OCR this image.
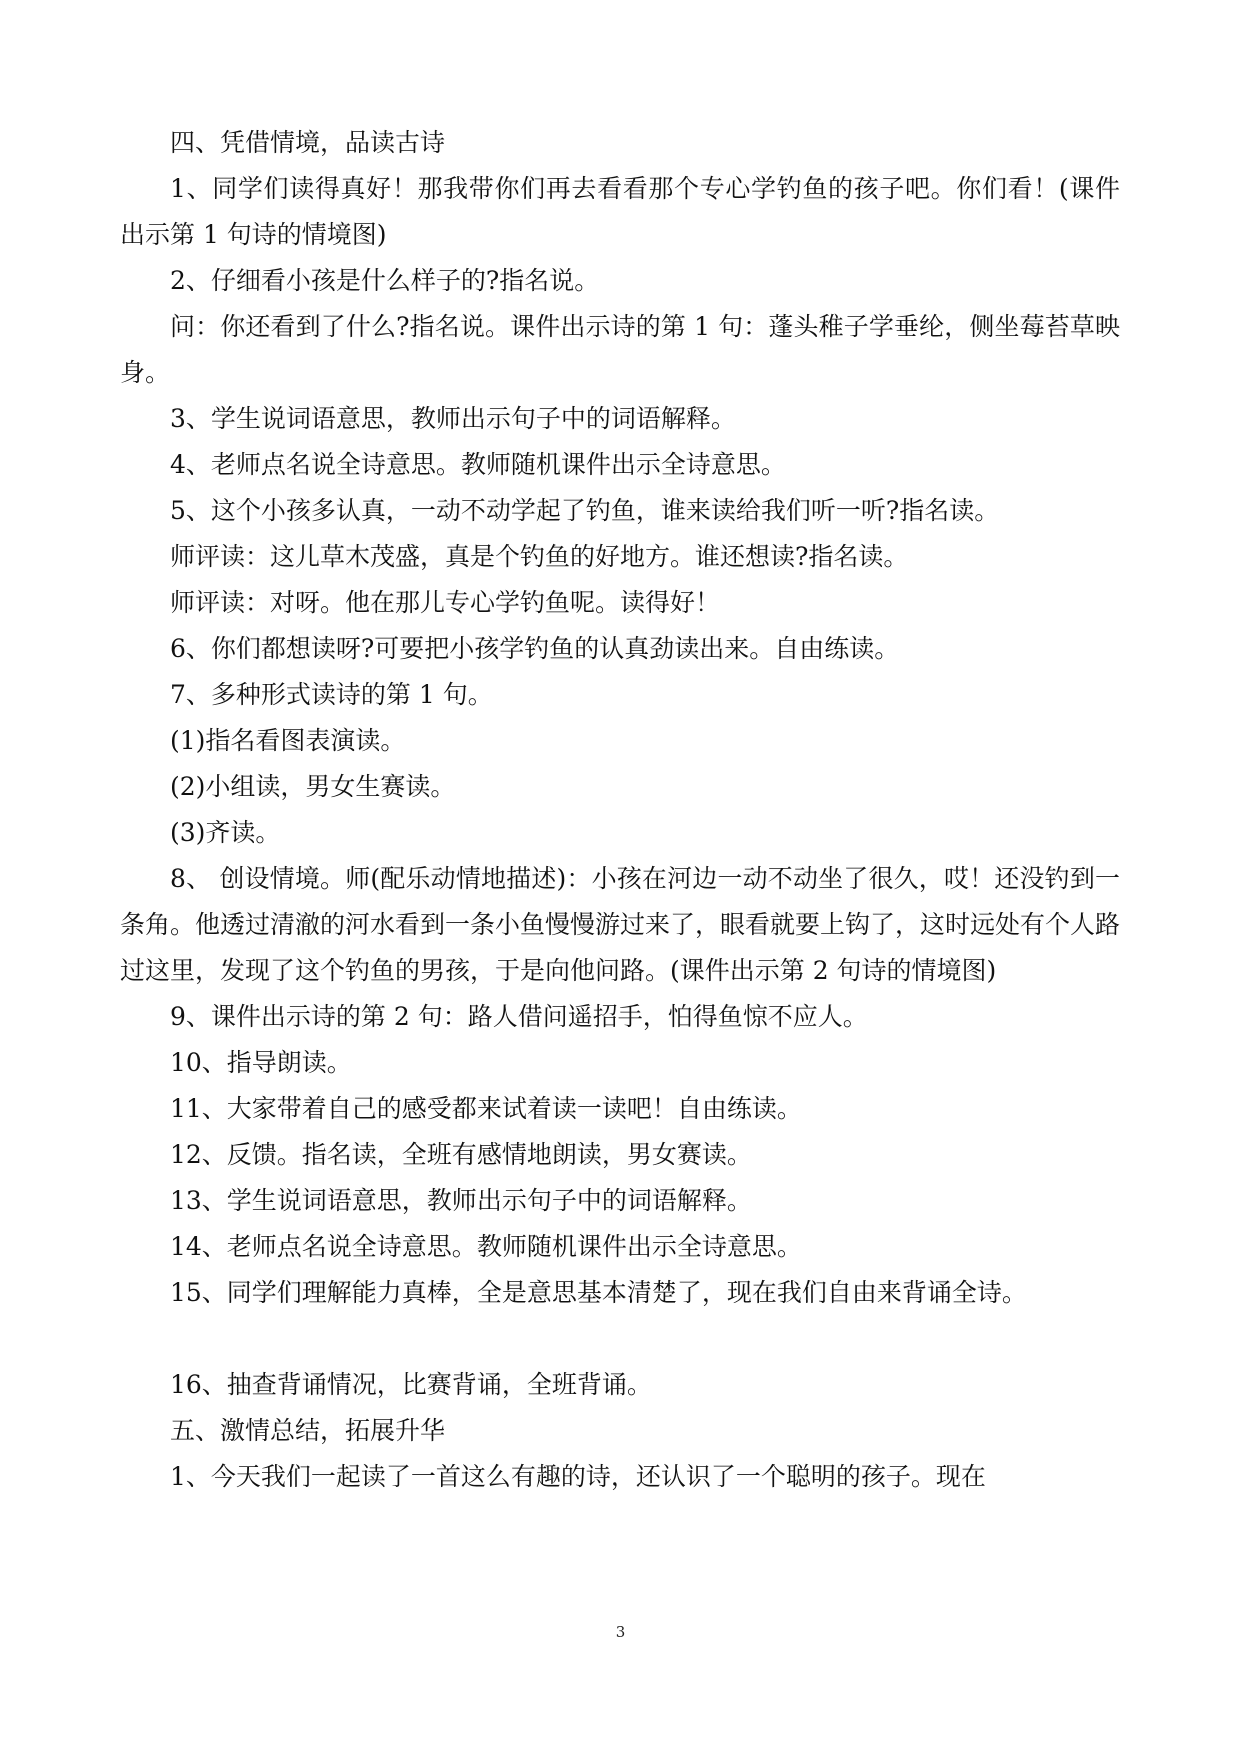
四、凭借情境，品读古诗

1、同学们读得真好！那我带你们再去看看那个专心学钓鱼的孩子吧。你们看！(课件出示第 1 句诗的情境图)

2、仔细看小孩是什么样子的?指名说。

问：你还看到了什么?指名说。课件出示诗的第 1 句：蓬头稚子学垂纶，侧坐莓苔草映身。

3、学生说词语意思，教师出示句子中的词语解释。

4、老师点名说全诗意思。教师随机课件出示全诗意思。

5、这个小孩多认真，一动不动学起了钓鱼，谁来读给我们听一听?指名读。

师评读：这儿草木茂盛，真是个钓鱼的好地方。谁还想读?指名读。

师评读：对呀。他在那儿专心学钓鱼呢。读得好！

6、你们都想读呀?可要把小孩学钓鱼的认真劲读出来。自由练读。

7、多种形式读诗的第 1 句。

(1)指名看图表演读。

(2)小组读，男女生赛读。

(3)齐读。

8、 创设情境。师(配乐动情地描述)：小孩在河边一动不动坐了很久，哎！还没钓到一条角。他透过清澈的河水看到一条小鱼慢慢游过来了，眼看就要上钩了，这时远处有个人路过这里，发现了这个钓鱼的男孩，于是向他问路。(课件出示第 2 句诗的情境图)

9、课件出示诗的第 2 句：路人借问遥招手，怕得鱼惊不应人。

10、指导朗读。

11、大家带着自己的感受都来试着读一读吧！自由练读。

12、反馈。指名读，全班有感情地朗读，男女赛读。

13、学生说词语意思，教师出示句子中的词语解释。

14、老师点名说全诗意思。教师随机课件出示全诗意思。

15、同学们理解能力真棒，全是意思基本清楚了，现在我们自由来背诵全诗。

16、抽查背诵情况，比赛背诵，全班背诵。

五、激情总结，拓展升华

1、今天我们一起读了一首这么有趣的诗，还认识了一个聪明的孩子。现在

3
